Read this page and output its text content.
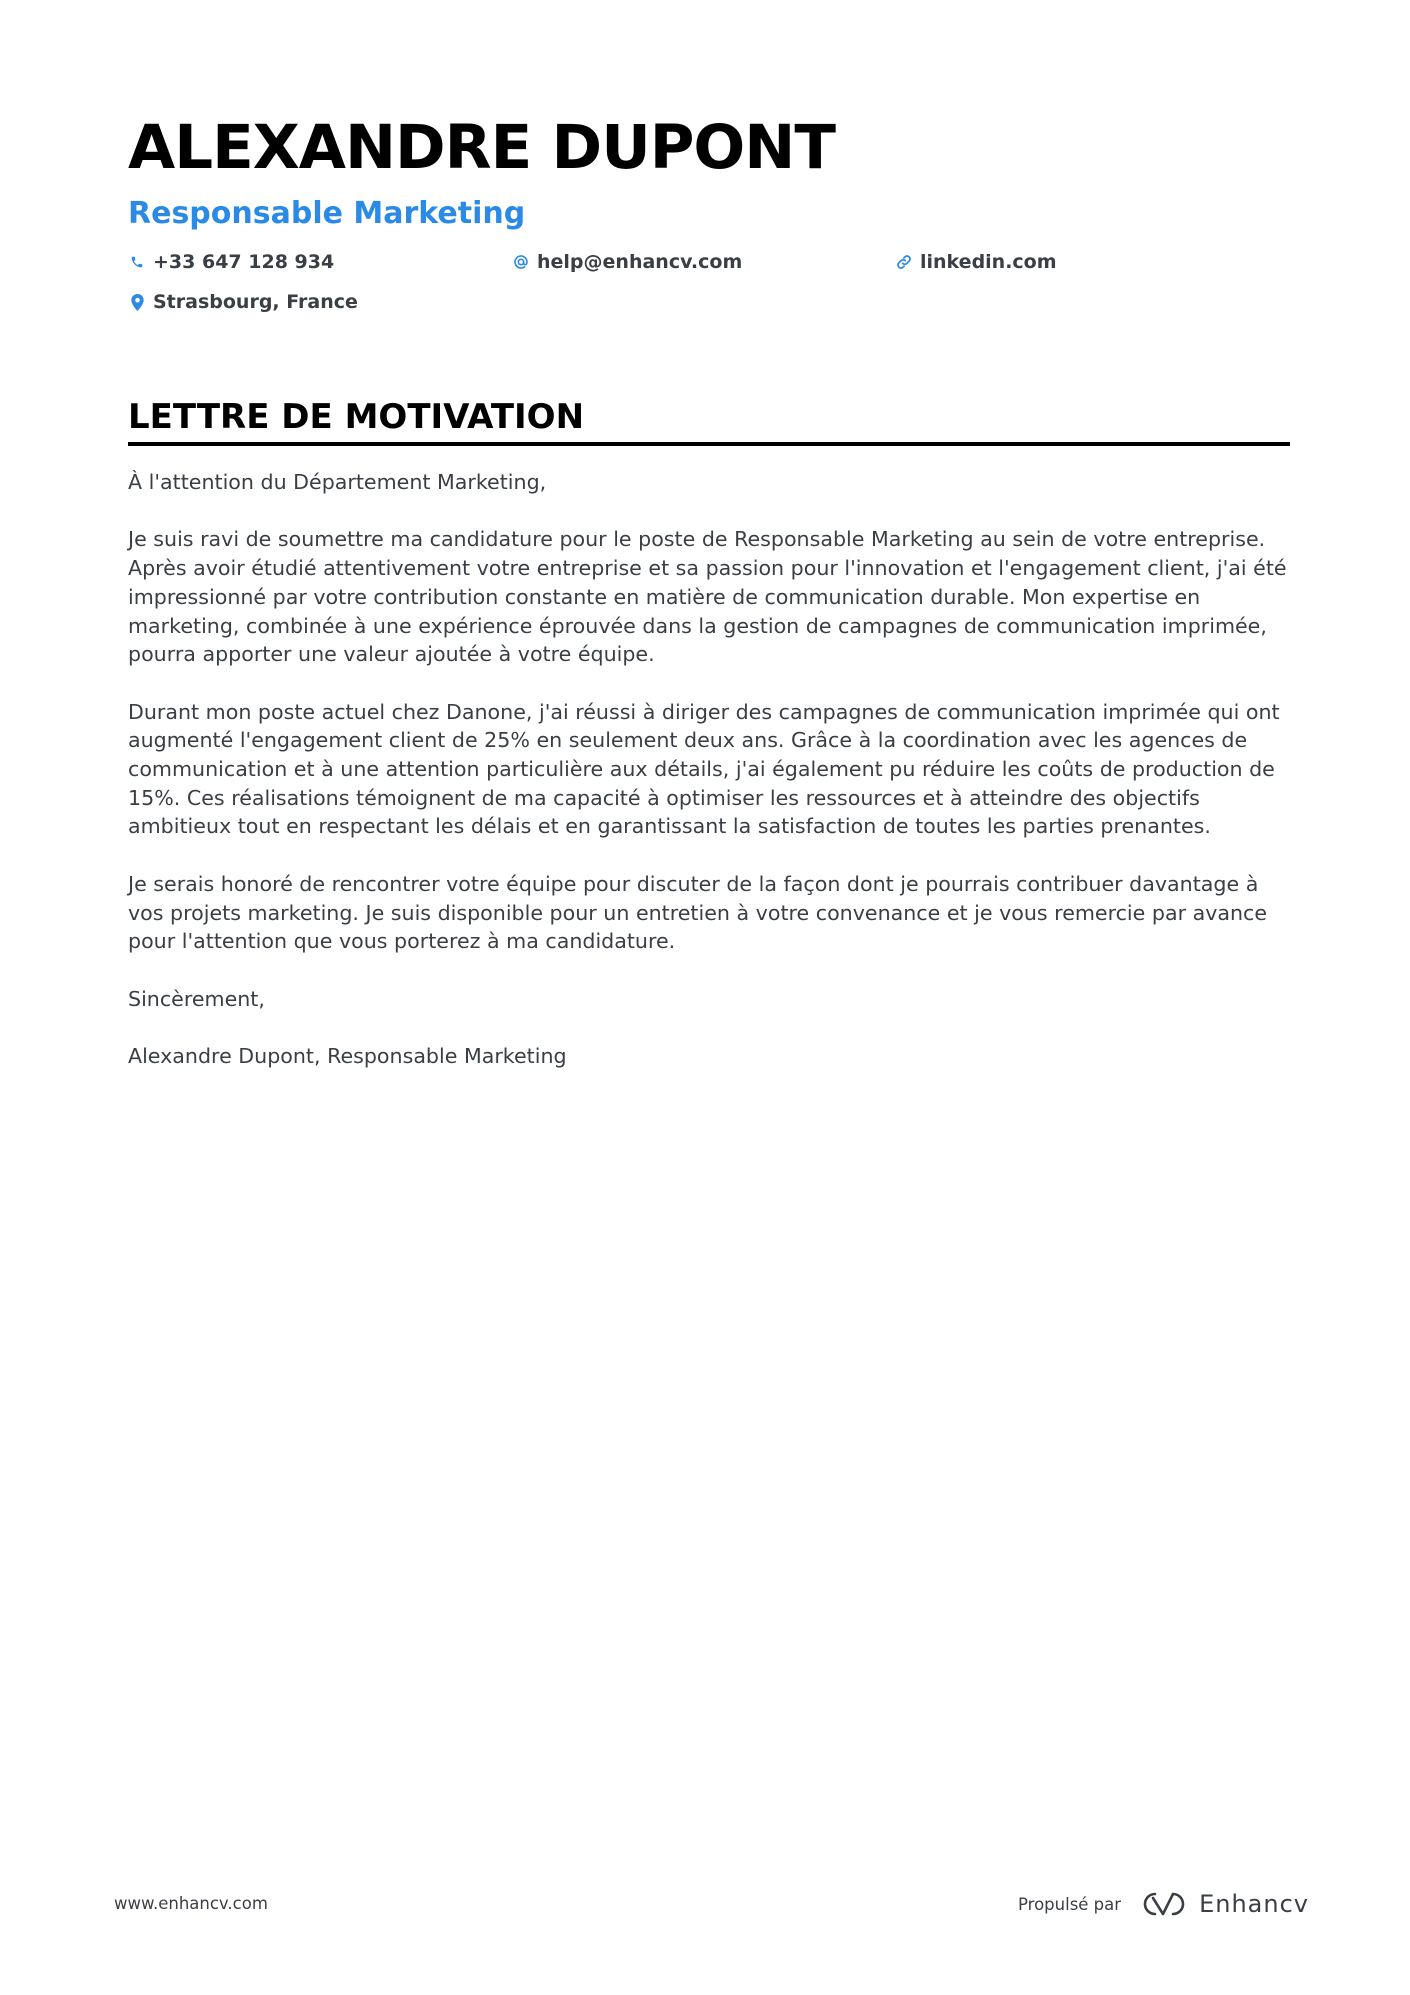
ALEXANDRE DUPONT
Responsable Marketing
+33 647 128 934	help@enhancv.com	linkedin.com
Strasbourg, France
LETTRE DE MOTIVATION

À l'attention du Département Marketing,

Je suis ravi de soumettre ma candidature pour le poste de Responsable Marketing au sein de votre entreprise. Après avoir étudié attentivement votre entreprise et sa passion pour l'innovation et l'engagement client, j'ai été impressionné par votre contribution constante en matière de communication durable. Mon expertise en marketing, combinée à une expérience éprouvée dans la gestion de campagnes de communication imprimée, pourra apporter une valeur ajoutée à votre équipe.

Durant mon poste actuel chez Danone, j'ai réussi à diriger des campagnes de communication imprimée qui ont augmenté l'engagement client de 25% en seulement deux ans. Grâce à la coordination avec les agences de communication et à une attention particulière aux détails, j'ai également pu réduire les coûts de production de 15%. Ces réalisations témoignent de ma capacité à optimiser les ressources et à atteindre des objectifs ambitieux tout en respectant les délais et en garantissant la satisfaction de toutes les parties prenantes.

Je serais honoré de rencontrer votre équipe pour discuter de la façon dont je pourrais contribuer davantage à vos projets marketing. Je suis disponible pour un entretien à votre convenance et je vous remercie par avance pour l'attention que vous porterez à ma candidature.

Sincèrement,

Alexandre Dupont, Responsable Marketing

www.enhancv.com	Propulsé par	Enhancv
